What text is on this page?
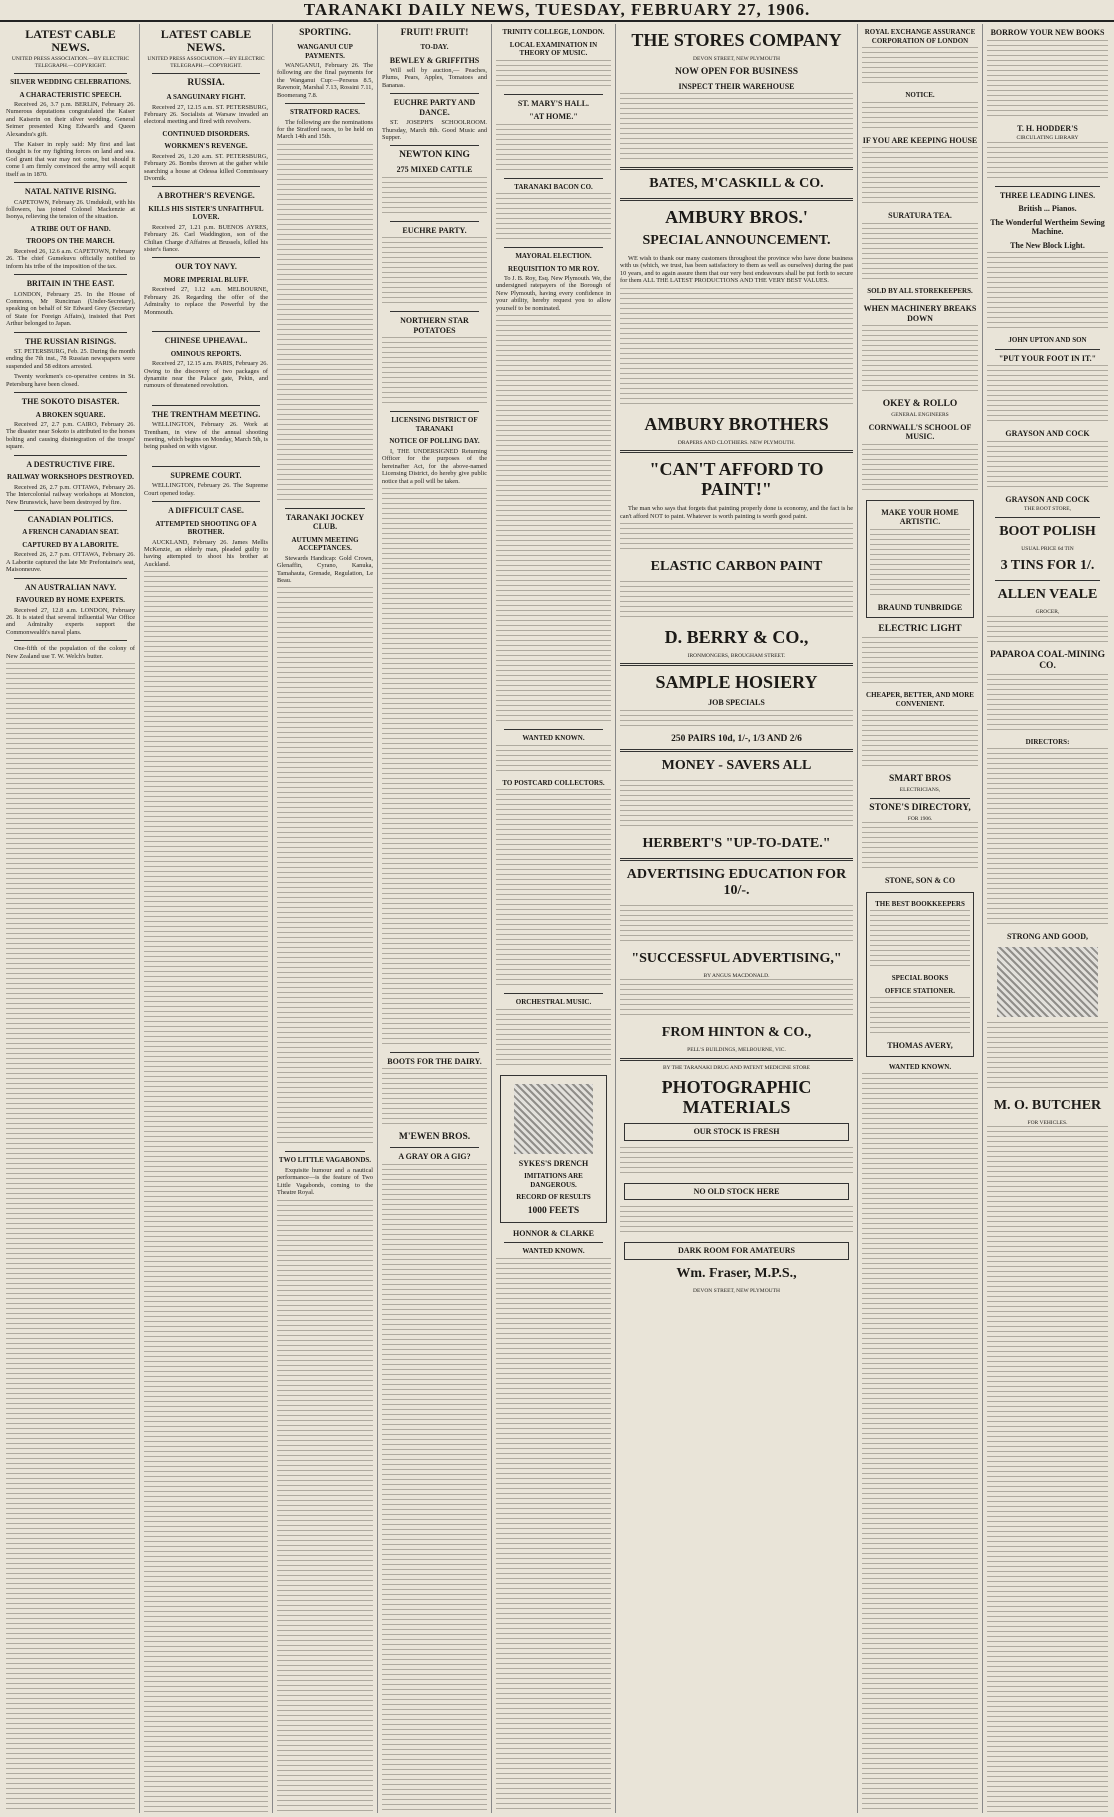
TARANAKI DAILY NEWS, TUESDAY, FEBRUARY 27, 1906.
LATEST CABLE NEWS.
UNITED PRESS ASSOCIATION.—BY ELECTRIC TELEGRAPH.—COPYRIGHT.
SILVER WEDDING CELEBRATIONS.
A CHARACTERISTIC SPEECH.

Received 26, 3.7 p.m. BERLIN, February 26. Numerous deputations congratulated the Kaiser and Kaiserin on their silver wedding. General Seimer presented King Edward's and Queen Alexandra's gift.

The Kaiser in reply said: My first and last thought is for my fighting forces on land and sea. God grant that war may not come, but should it come I am firmly convinced the army will acquit itself as in 1870.

NATAL NATIVE RISING.

CAPETOWN, February 26. Umdukuli, with his followers, has joined Colonel Mackenzie at Isonya, relieving the tension of the situation.

A TRIBE OUT OF HAND.
TROOPS ON THE MARCH.

Received 26, 12.6 a.m. CAPETOWN, February 26. The chief Gumekuvu officially notified to inform his tribe of the imposition of the tax.

BRITAIN IN THE EAST.

LONDON, February 25. In the House of Commons, Mr Runciman (Under-Secretary), speaking on behalf of Sir Edward Grey (Secretary of State for Foreign Affairs), insisted that Port Arthur belonged to Japan.

THE RUSSIAN RISINGS.

ST. PETERSBURG, Feb. 25. During the month ending the 7th inst., 78 Russian newspapers were suspended and 58 editors arrested.

Twenty workmen's co-operative centres in St. Petersburg have been closed.

THE SOKOTO DISASTER.
A BROKEN SQUARE.

Received 27, 2.7 p.m. CAIRO, February 26. The disaster near Sokoto is attributed to the horses bolting and causing disintegration of the troops' square.

A DESTRUCTIVE FIRE.
RAILWAY WORKSHOPS DESTROYED.

Received 26, 2.7 p.m. OTTAWA, February 26. The Intercolonial railway workshops at Moncton, New Brunswick, have been destroyed by fire.

CANADIAN POLITICS.
A FRENCH CANADIAN SEAT.
CAPTURED BY A LABORITE.

Received 26, 2.7 p.m. OTTAWA, February 26. A Laborite captured the late Mr Prefontaine's seat, Maisonneuve.

AN AUSTRALIAN NAVY.
FAVOURED BY HOME EXPERTS.

Received 27, 12.8 a.m. LONDON, February 26. It is stated that several influential War Office and Admiralty experts support the Commonwealth's naval plans.

One-fifth of the population of the colony of New Zealand use T. W. Welch's butter.

LATEST CABLE NEWS.
UNITED PRESS ASSOCIATION.—BY ELECTRIC TELEGRAPH.—COPYRIGHT.
RUSSIA.
A SANGUINARY FIGHT.

Received 27, 12.15 a.m. ST. PETERSBURG, February 26. Socialists at Warsaw invaded an electoral meeting and fired with revolvers.

CONTINUED DISORDERS.
WORKMEN'S REVENGE.

Received 26, 1.20 a.m. ST. PETERSBURG, February 26. Bombs thrown at the gather while searching a house at Odessa killed Commissary Dvornik.

A BROTHER'S REVENGE.
KILLS HIS SISTER'S UNFAITHFUL LOVER.

Received 27, 1.21 p.m. BUENOS AYRES, February 26. Carl Waddington, son of the Chilian Charge d'Affaires at Brussels, killed his sister's fiance.

OUR TOY NAVY.
MORE IMPERIAL BLUFF.

Received 27, 1.12 a.m. MELBOURNE, February 26. Regarding the offer of the Admiralty to replace the Powerful by the Monmouth.

CHINESE UPHEAVAL.
OMINOUS REPORTS.

Received 27, 12.15 a.m. PARIS, February 26. Owing to the discovery of two packages of dynamite near the Palace gate, Pekin, and rumours of threatened revolution.

THE TRENTHAM MEETING.

WELLINGTON, February 26. Work at Trentham, in view of the annual shooting meeting, which begins on Monday, March 5th, is being pushed on with vigour.

SUPREME COURT.

WELLINGTON, February 26. The Supreme Court opened today.

A DIFFICULT CASE.
ATTEMPTED SHOOTING OF A BROTHER.

AUCKLAND, February 26. James Mellis McKenzie, an elderly man, pleaded guilty to having attempted to shoot his brother at Auckland.

SPORTING.
WANGANUI CUP PAYMENTS.

WANGANUI, February 26. The following are the final payments for the Wanganui Cup:—Perseus 8.5, Ravenoir, Marshal 7.13, Rossini 7.11, Boomerang 7.8.

STRATFORD RACES.

The following are the nominations for the Stratford races, to be held on March 14th and 15th.

TARANAKI JOCKEY CLUB.
AUTUMN MEETING ACCEPTANCES.

Stewards Handicap: Gold Crown, Glenaffin, Cyrano, Kanuka, Tamahauta, Grenade, Regulation, Le Beau.

TWO LITTLE VAGABONDS.

Exquisite humour and a nautical performance—is the feature of Two Little Vagabonds, coming to the Theatre Royal.

FRUIT! FRUIT!
TO-DAY.
BEWLEY & GRIFFITHS

Will sell by auction,— Peaches, Plums, Pears, Apples, Tomatoes and Bananas.

EUCHRE PARTY AND DANCE.

ST. JOSEPH'S SCHOOLROOM. Thursday, March 8th. Good Music and Supper.

NEWTON KING
275 MIXED CATTLE
EUCHRE PARTY.
NORTHERN STAR POTATOES
LICENSING DISTRICT OF TARANAKI
NOTICE OF POLLING DAY.

I, THE UNDERSIGNED Returning Officer for the purposes of the hereinafter Act, for the above-named Licensing District, do hereby give public notice that a poll will be taken.

BOOTS FOR THE DAIRY.
M'EWEN BROS.
A GRAY OR A GIG?
TRINITY COLLEGE, LONDON.
LOCAL EXAMINATION IN THEORY OF MUSIC.
ST. MARY'S HALL.
"AT HOME."
TARANAKI BACON CO.
MAYORAL ELECTION.
REQUISITION TO MR ROY.

To J. B. Roy, Esq. New Plymouth. We, the undersigned ratepayers of the Borough of New Plymouth, having every confidence in your ability, hereby request you to allow yourself to be nominated.

WANTED KNOWN.
TO POSTCARD COLLECTORS.
ORCHESTRAL MUSIC.
SYKES'S DRENCH
IMITATIONS ARE DANGEROUS.
RECORD OF RESULTS
1000 FEETS
HONNOR & CLARKE
WANTED KNOWN.
THE STORES COMPANY
DEVON STREET, NEW PLYMOUTH
NOW OPEN FOR BUSINESS
INSPECT THEIR WAREHOUSE
BATES, M'CASKILL & CO.
AMBURY BROS.'
SPECIAL ANNOUNCEMENT.

WE wish to thank our many customers throughout the province who have done business with us (which, we trust, has been satisfactory to them as well as ourselves) during the past 10 years, and to again assure them that our very best endeavours shall be put forth to secure for them ALL THE LATEST PRODUCTIONS AND THE VERY BEST VALUES.

AMBURY BROTHERS
DRAPERS AND CLOTHIERS. NEW PLYMOUTH.
"CAN'T AFFORD TO PAINT!"

The man who says that forgets that painting properly done is economy, and the fact is he can't afford NOT to paint. Whatever is worth painting is worth good paint.

ELASTIC CARBON PAINT
D. BERRY & CO.,
IRONMONGERS, BROUGHAM STREET.
SAMPLE HOSIERY
JOB SPECIALS
250 PAIRS 10d, 1/-, 1/3 AND 2/6
MONEY - SAVERS ALL
HERBERT'S "UP-TO-DATE."
ADVERTISING EDUCATION FOR 10/-.
"SUCCESSFUL ADVERTISING,"
BY ANGUS MACDONALD.
FROM HINTON & CO.,
PELL'S BUILDINGS, MELBOURNE, VIC.
BY THE TARANAKI DRUG AND PATENT MEDICINE STORE
PHOTOGRAPHIC MATERIALS
OUR STOCK IS FRESH
NO OLD STOCK HERE
DARK ROOM FOR AMATEURS
Wm. Fraser, M.P.S.,
DEVON STREET, NEW PLYMOUTH
ROYAL EXCHANGE ASSURANCE CORPORATION OF LONDON
NOTICE.
IF YOU ARE KEEPING HOUSE
SURATURA TEA.
SOLD BY ALL STOREKEEPERS.
WHEN MACHINERY BREAKS DOWN
OKEY & ROLLO
GENERAL ENGINEERS
CORNWALL'S SCHOOL OF MUSIC.
MAKE YOUR HOME ARTISTIC.
BRAUND TUNBRIDGE
ELECTRIC LIGHT
CHEAPER, BETTER, AND MORE CONVENIENT.
SMART BROS
ELECTRICIANS,
STONE'S DIRECTORY,
FOR 1906.
STONE, SON & CO
THE BEST BOOKKEEPERS
SPECIAL BOOKS
OFFICE STATIONER.
THOMAS AVERY,
WANTED KNOWN.
BORROW YOUR NEW BOOKS
T. H. HODDER'S
CIRCULATING LIBRARY
THREE LEADING LINES.
British ... Pianos.
The Wonderful Wertheim Sewing Machine.
The New Block Light.
JOHN UPTON AND SON
"PUT YOUR FOOT IN IT."
GRAYSON AND COCK
GRAYSON AND COCK
THE BOOT STORE,
BOOT POLISH
USUAL PRICE 6d TIN
3 TINS FOR 1/.
ALLEN VEALE
GROCER,
PAPAROA COAL-MINING CO.
DIRECTORS:
STRONG AND GOOD,
M. O. BUTCHER
FOR VEHICLES.
